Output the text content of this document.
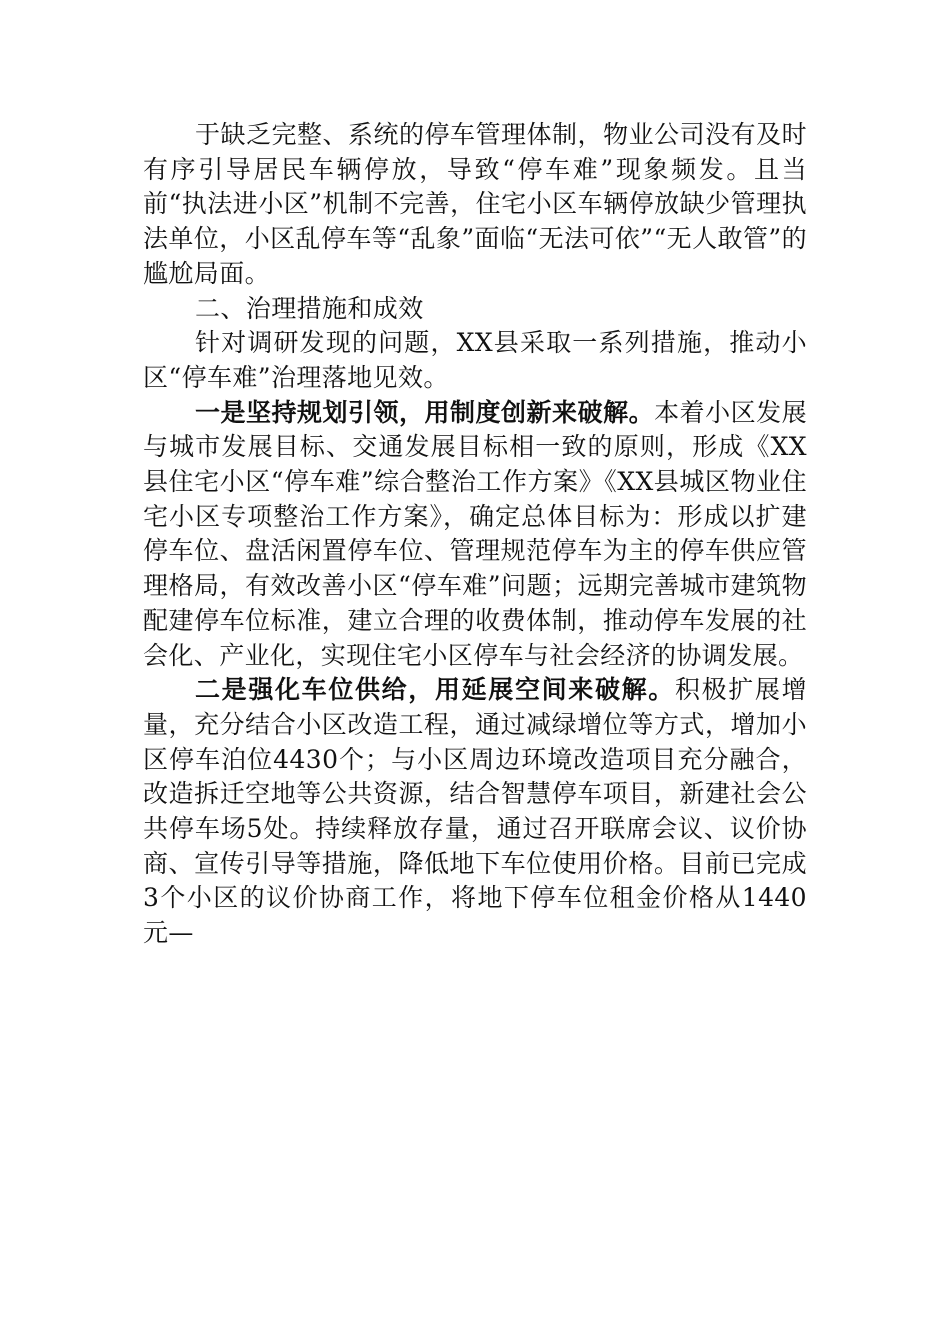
于缺乏完整、系统的停车管理体制，物业公司没有及时有序引导居民车辆停放，导致“停车难”现象频发。且当前“执法进小区”机制不完善，住宅小区车辆停放缺少管理执法单位，小区乱停车等“乱象”面临“无法可依”“无人敢管”的尴尬局面。

二、治理措施和成效

针对调研发现的问题，XX县采取一系列措施，推动小区“停车难”治理落地见效。

一是坚持规划引领，用制度创新来破解。本着小区发展与城市发展目标、交通发展目标相一致的原则，形成《XX县住宅小区“停车难”综合整治工作方案》《XX县城区物业住宅小区专项整治工作方案》，确定总体目标为：形成以扩建停车位、盘活闲置停车位、管理规范停车为主的停车供应管理格局，有效改善小区“停车难”问题；远期完善城市建筑物配建停车位标准，建立合理的收费体制，推动停车发展的社会化、产业化，实现住宅小区停车与社会经济的协调发展。

二是强化车位供给，用延展空间来破解。积极扩展增量，充分结合小区改造工程，通过减绿增位等方式，增加小区停车泊位4430个；与小区周边环境改造项目充分融合，改造拆迁空地等公共资源，结合智慧停车项目，新建社会公共停车场5处。持续释放存量，通过召开联席会议、议价协商、宣传引导等措施，降低地下车位使用价格。目前已完成3个小区的议价协商工作，将地下停车位租金价格从1440元—
